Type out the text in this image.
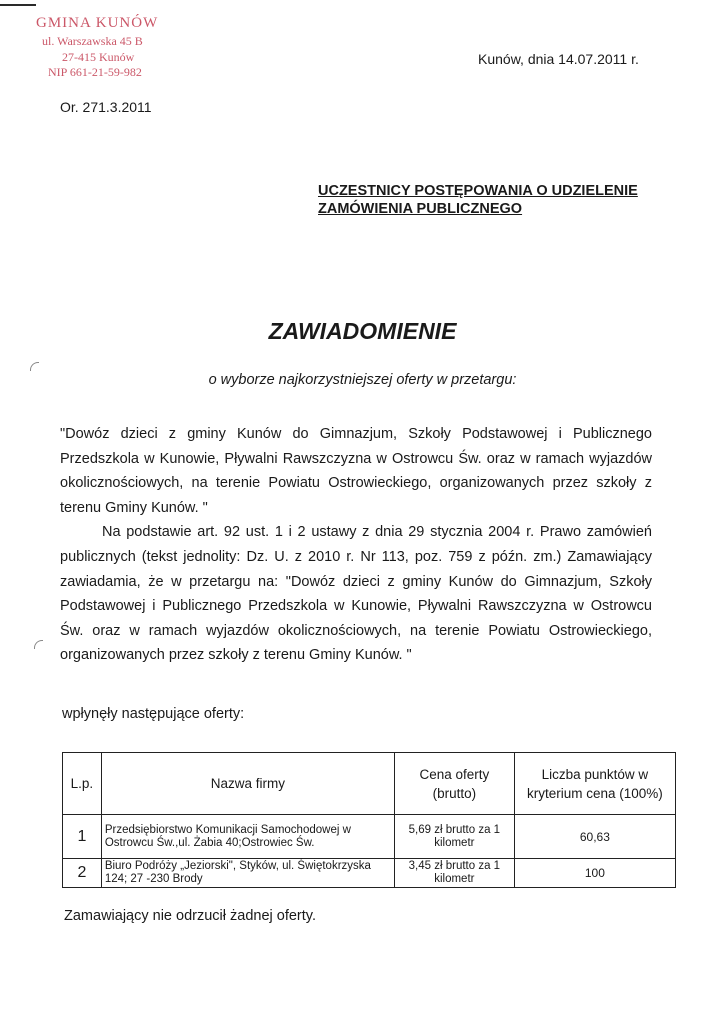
GMINA KUNÓW
ul. Warszawska 45 B
27-415 Kunów
NIP 661-21-59-982
Kunów, dnia 14.07.2011 r.
Or. 271.3.2011
UCZESTNICY POSTĘPOWANIA O UDZIELENIE
ZAMÓWIENIA PUBLICZNEGO
ZAWIADOMIENIE
o wyborze najkorzystniejszej oferty w przetargu:

"Dowóz dzieci z gminy Kunów do Gimnazjum, Szkoły Podstawowej i Publicznego Przedszkola w Kunowie, Pływalni Rawszczyzna w Ostrowcu Św. oraz w ramach wyjazdów okolicznościowych, na terenie Powiatu Ostrowieckiego, organizowanych przez szkoły z terenu Gminy Kunów. "

Na podstawie art. 92 ust. 1 i 2 ustawy z dnia 29 stycznia 2004 r. Prawo zamówień publicznych (tekst jednolity: Dz. U. z 2010 r. Nr 113, poz. 759 z późn. zm.) Zamawiający zawiadamia, że w przetargu na: "Dowóz dzieci z gminy Kunów do Gimnazjum, Szkoły Podstawowej i Publicznego Przedszkola w Kunowie, Pływalni Rawszczyzna w Ostrowcu Św. oraz w ramach wyjazdów okolicznościowych, na terenie Powiatu Ostrowieckiego, organizowanych przez szkoły z terenu Gminy Kunów. "

wpłynęły następujące oferty:
L.p.	Nazwa firmy	Cena oferty (brutto)	Liczba punktów w kryterium cena (100%)
1	Przedsiębiorstwo Komunikacji Samochodowej w Ostrowcu Św.,ul. Żabia 40;Ostrowiec Św.	5,69 zł brutto za 1 kilometr	60,63
2	Biuro Podróży „Jeziorski", Styków, ul. Świętokrzyska 124; 27 -230 Brody	3,45 zł brutto za 1 kilometr	100
Zamawiający nie odrzucił żadnej oferty.
